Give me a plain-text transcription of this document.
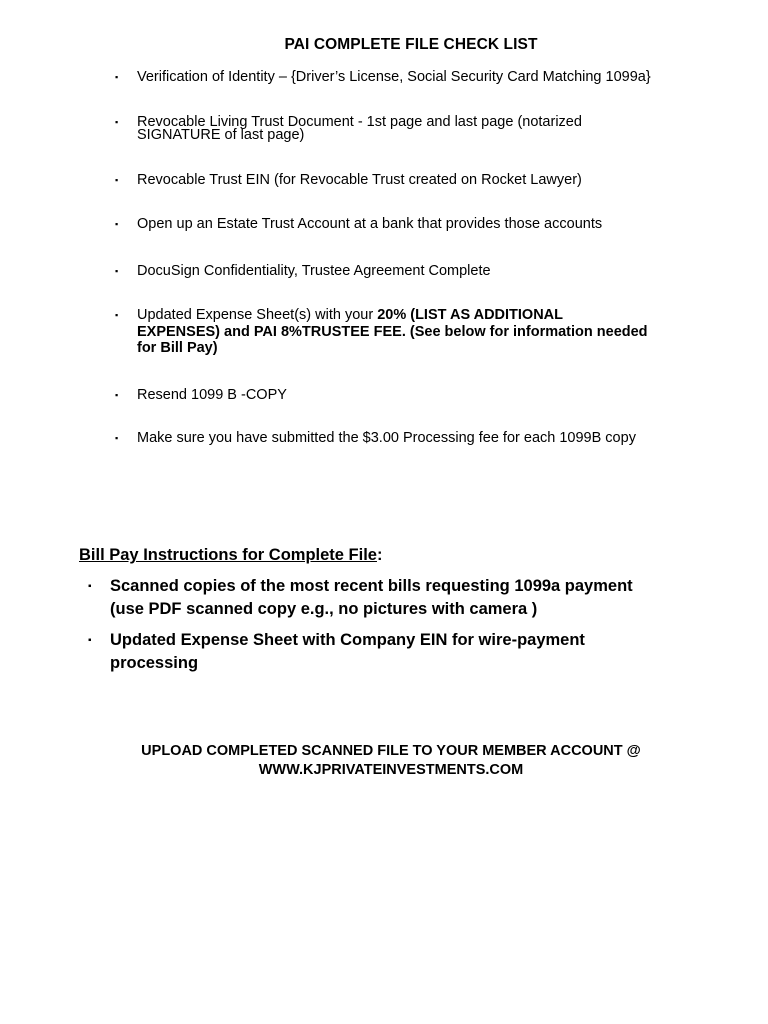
PAI COMPLETE FILE CHECK LIST
▪ Verification of Identity – {Driver’s License, Social Security Card Matching 1099a}
▪ Revocable Living Trust Document - 1st page and last page (notarized
SIGNATURE of last page)
▪ Revocable Trust EIN (for Revocable Trust created on Rocket Lawyer)
▪ Open up an Estate Trust Account at a bank that provides those accounts
▪ DocuSign Confidentiality, Trustee Agreement Complete
▪ Updated Expense Sheet(s) with your 20% (LIST AS ADDITIONAL
EXPENSES) and PAI 8%TRUSTEE FEE. (See below for information needed
for Bill Pay)
▪ Resend 1099 B -COPY
▪ Make sure you have submitted the $3.00 Processing fee for each 1099B copy
Bill Pay Instructions for Complete File:
▪ Scanned copies of the most recent bills requesting 1099a payment
(use PDF scanned copy e.g., no pictures with camera )
▪ Updated Expense Sheet with Company EIN for wire-payment
processing
UPLOAD COMPLETED SCANNED FILE TO YOUR MEMBER ACCOUNT @
WWW.KJPRIVATEINVESTMENTS.COM
